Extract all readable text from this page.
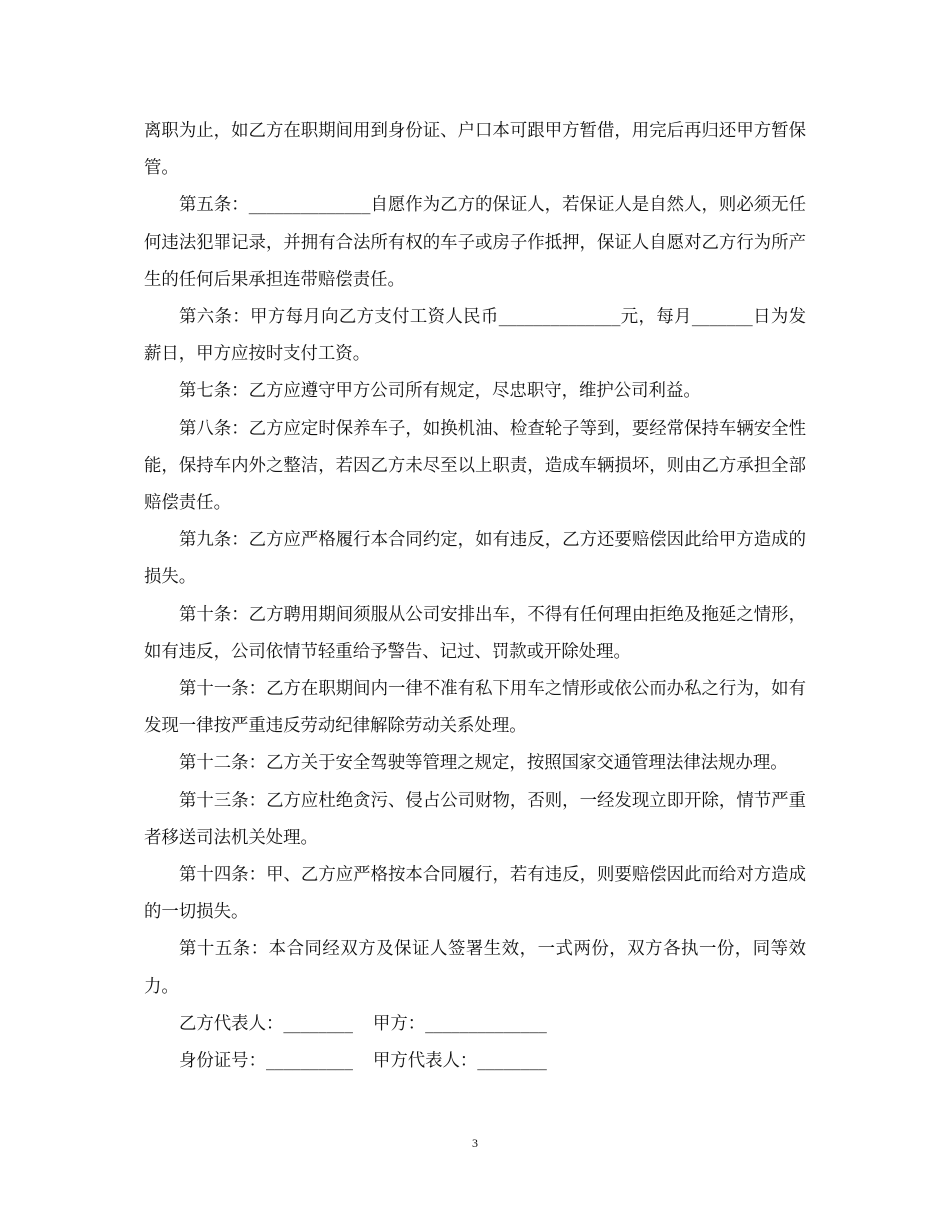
离职为止，如乙方在职期间用到身份证、户口本可跟甲方暂借，用完后再归还甲方暂保管。

第五条：______________自愿作为乙方的保证人，若保证人是自然人，则必须无任何违法犯罪记录，并拥有合法所有权的车子或房子作抵押，保证人自愿对乙方行为所产生的任何后果承担连带赔偿责任。

第六条：甲方每月向乙方支付工资人民币______________元，每月_______日为发薪日，甲方应按时支付工资。

第七条：乙方应遵守甲方公司所有规定，尽忠职守，维护公司利益。

第八条：乙方应定时保养车子，如换机油、检查轮子等到，要经常保持车辆安全性能，保持车内外之整洁，若因乙方未尽至以上职责，造成车辆损坏，则由乙方承担全部赔偿责任。

第九条：乙方应严格履行本合同约定，如有违反，乙方还要赔偿因此给甲方造成的损失。

第十条：乙方聘用期间须服从公司安排出车，不得有任何理由拒绝及拖延之情形，如有违反，公司依情节轻重给予警告、记过、罚款或开除处理。

第十一条：乙方在职期间内一律不准有私下用车之情形或依公而办私之行为，如有发现一律按严重违反劳动纪律解除劳动关系处理。

第十二条：乙方关于安全驾驶等管理之规定，按照国家交通管理法律法规办理。

第十三条：乙方应杜绝贪污、侵占公司财物，否则，一经发现立即开除，情节严重者移送司法机关处理。

第十四条：甲、乙方应严格按本合同履行，若有违反，则要赔偿因此而给对方造成的一切损失。

第十五条：本合同经双方及保证人签署生效，一式两份，双方各执一份，同等效力。

乙方代表人：________ 甲方：______________
身份证号：__________ 甲方代表人：________
3
